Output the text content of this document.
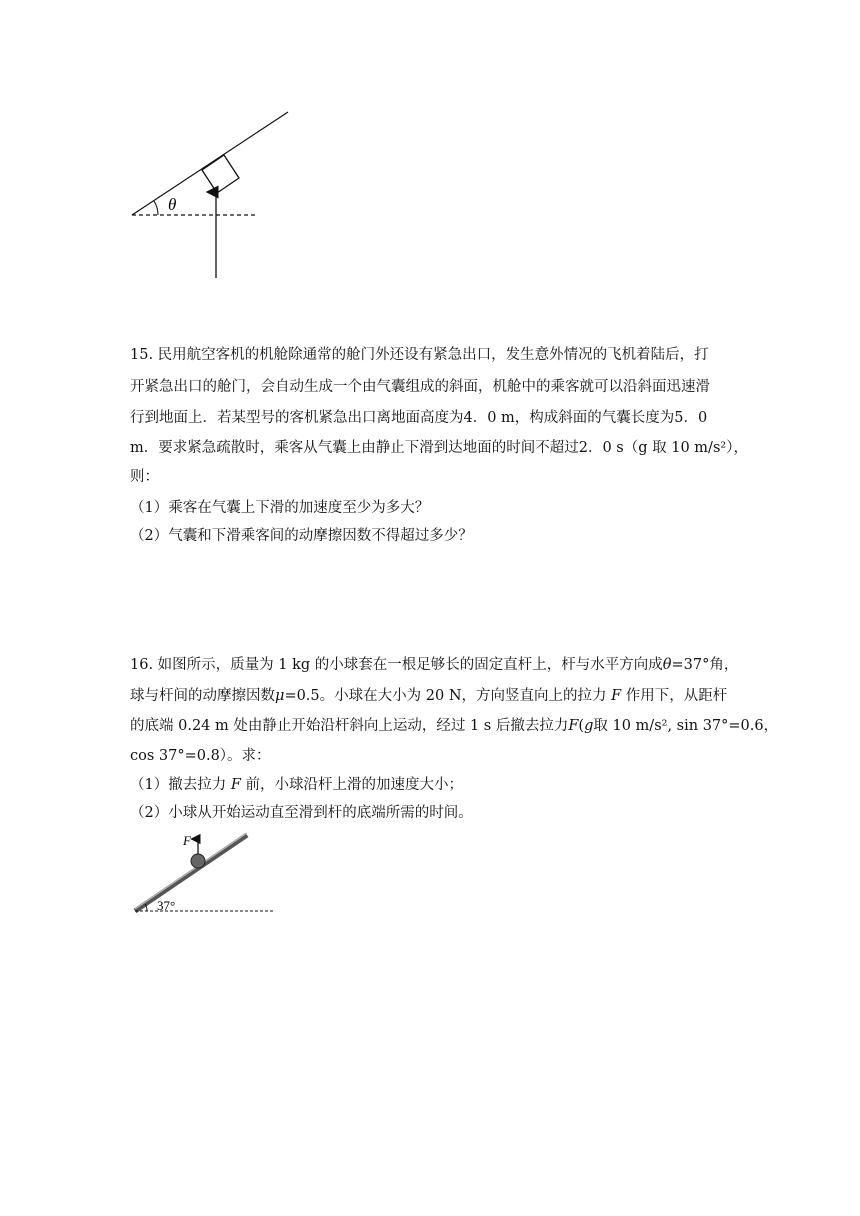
θ
15. 民用航空客机的机舱除通常的舱门外还设有紧急出口，发生意外情况的飞机着陆后，打
开紧急出口的舱门，会自动生成一个由气囊组成的斜面，机舱中的乘客就可以沿斜面迅速滑
行到地面上．若某型号的客机紧急出口离地面高度为4．0 m，构成斜面的气囊长度为5．0
m．要求紧急疏散时，乘客从气囊上由静止下滑到达地面的时间不超过2．0 s（g 取 10 m/s²），
则：
（1）乘客在气囊上下滑的加速度至少为多大？
（2）气囊和下滑乘客间的动摩擦因数不得超过多少？
16. 如图所示，质量为 1 kg 的小球套在一根足够长的固定直杆上，杆与水平方向成θ=37°角，
球与杆间的动摩擦因数μ=0.5。小球在大小为 20 N，方向竖直向上的拉力 F 作用下，从距杆
的底端 0.24 m 处由静止开始沿杆斜向上运动，经过 1 s 后撤去拉力F(g取 10 m/s², sin 37°=0.6，
cos 37°=0.8）。求：
（1）撤去拉力 F 前，小球沿杆上滑的加速度大小；
（2）小球从开始运动直至滑到杆的底端所需的时间。
F
37°
